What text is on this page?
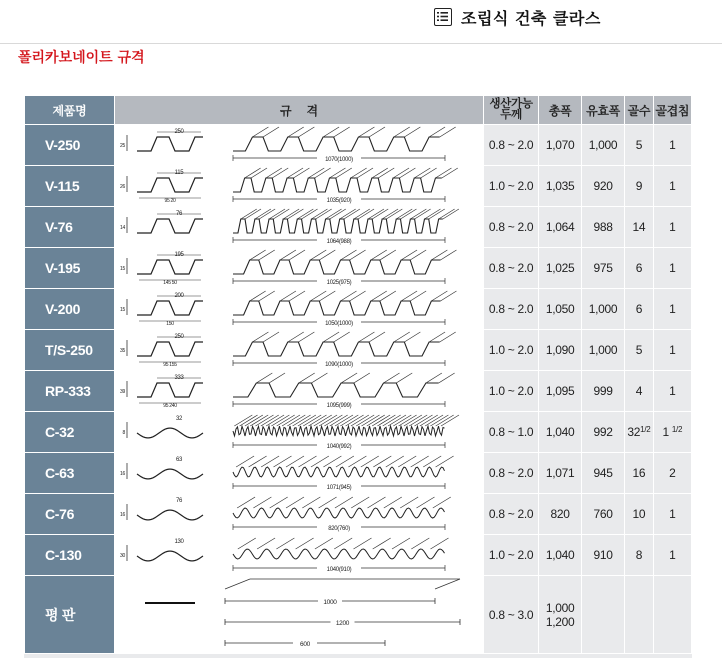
조립식 건축 클라스
폴리카보네이트 규격
제품명	규     격	생산가능
두께	총폭	유효폭	골수	골겹침
V-250	250
25
1070(1000)	0.8 ~ 2.0	1,070	1,000	5	1
V-115	115
26
95 20 1035(920)	1.0 ~ 2.0	1,035	920	9	1
V-76	76
14
1064(988)	0.8 ~ 2.0	1,064	988	14	1
V-195	195
15
145 50 1025(975)	0.8 ~ 2.0	1,025	975	6	1
V-200	200
15
150 1050(1000)	0.8 ~ 2.0	1,050	1,000	6	1
T/S-250	250
35
95 155 1090(1000)	1.0 ~ 2.0	1,090	1,000	5	1
RP-333	333
39
95 240 1095(999)	1.0 ~ 2.0	1,095	999	4	1
C-32	32
8
1040(992)	0.8 ~ 1.0	1,040	992	$32^{1/2}$	1 $^{1/2}$
C-63	63
16
1071(945)	0.8 ~ 2.0	1,071	945	16	2
C-76	76
16
820(760)	0.8 ~ 2.0	820	760	10	1
C-130	130
30
1040(910)	1.0 ~ 2.0	1,040	910	8	1
평 판	1000
1200
600	0.8 ~ 3.0	1,000
1,200			
